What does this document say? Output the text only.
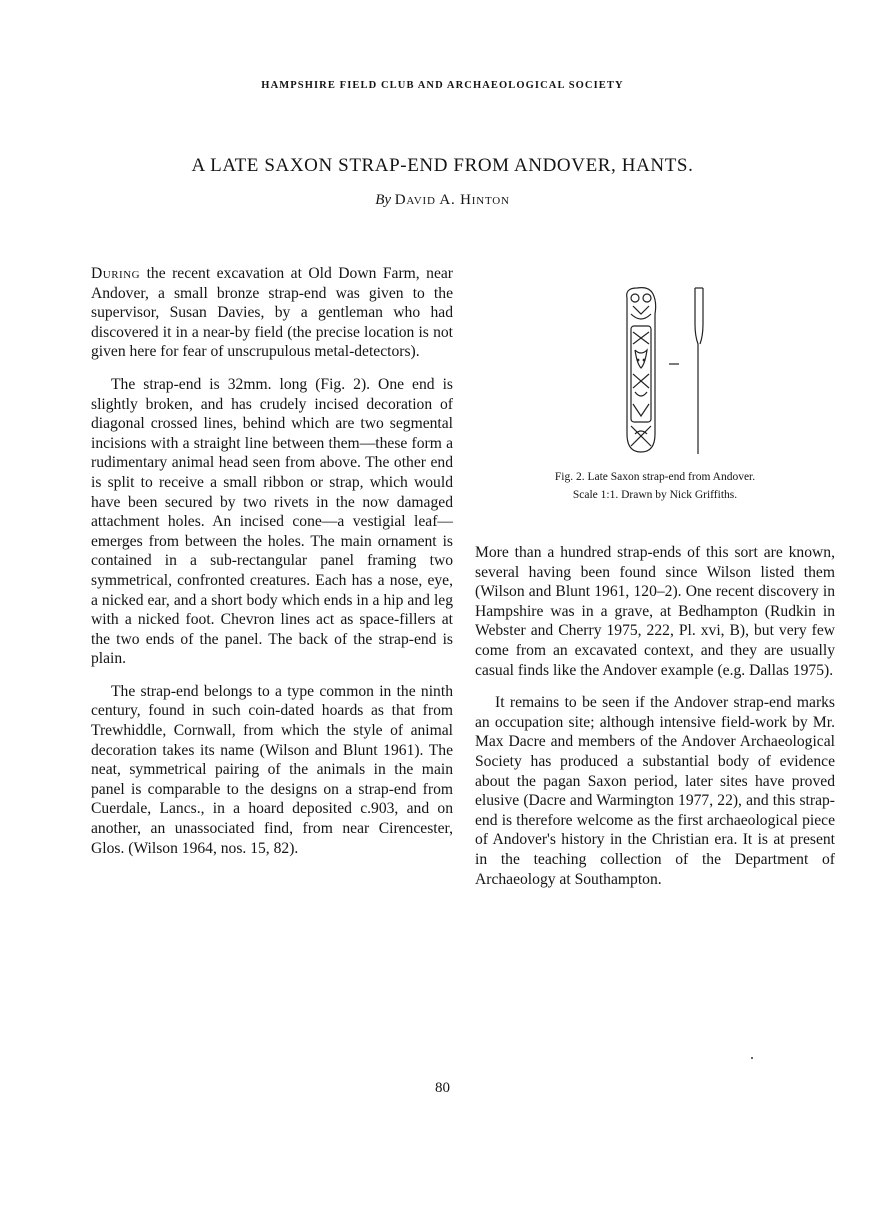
HAMPSHIRE FIELD CLUB AND ARCHAEOLOGICAL SOCIETY
A LATE SAXON STRAP-END FROM ANDOVER, HANTS.
By David A. Hinton

During the recent excavation at Old Down Farm, near Andover, a small bronze strap-end was given to the supervisor, Susan Davies, by a gentleman who had discovered it in a near-by field (the precise location is not given here for fear of unscrupulous metal-detectors).

The strap-end is 32mm. long (Fig. 2). One end is slightly broken, and has crudely incised decoration of diagonal crossed lines, behind which are two segmental incisions with a straight line between them—these form a rudimentary animal head seen from above. The other end is split to receive a small ribbon or strap, which would have been secured by two rivets in the now damaged attachment holes. An incised cone—a vestigial leaf—emerges from between the holes. The main ornament is contained in a sub-rectangular panel framing two symmetrical, confronted creatures. Each has a nose, eye, a nicked ear, and a short body which ends in a hip and leg with a nicked foot. Chevron lines act as space-fillers at the two ends of the panel. The back of the strap-end is plain.

The strap-end belongs to a type common in the ninth century, found in such coin-dated hoards as that from Trewhiddle, Cornwall, from which the style of animal decoration takes its name (Wilson and Blunt 1961). The neat, symmetrical pairing of the animals in the main panel is comparable to the designs on a strap-end from Cuerdale, Lancs., in a hoard deposited c.903, and on another, an unassociated find, from near Cirencester, Glos. (Wilson 1964, nos. 15, 82).

Fig. 2. Late Saxon strap-end from Andover.
Scale 1:1. Drawn by Nick Griffiths.

More than a hundred strap-ends of this sort are known, several having been found since Wilson listed them (Wilson and Blunt 1961, 120–2). One recent discovery in Hampshire was in a grave, at Bedhampton (Rudkin in Webster and Cherry 1975, 222, Pl. xvi, B), but very few come from an excavated context, and they are usually casual finds like the Andover example (e.g. Dallas 1975).

It remains to be seen if the Andover strap-end marks an occupation site; although intensive field-work by Mr. Max Dacre and members of the Andover Archaeological Society has produced a substantial body of evidence about the pagan Saxon period, later sites have proved elusive (Dacre and Warmington 1977, 22), and this strap-end is therefore welcome as the first archaeological piece of Andover's history in the Christian era. It is at present in the teaching collection of the Department of Archaeology at Southampton.

80
